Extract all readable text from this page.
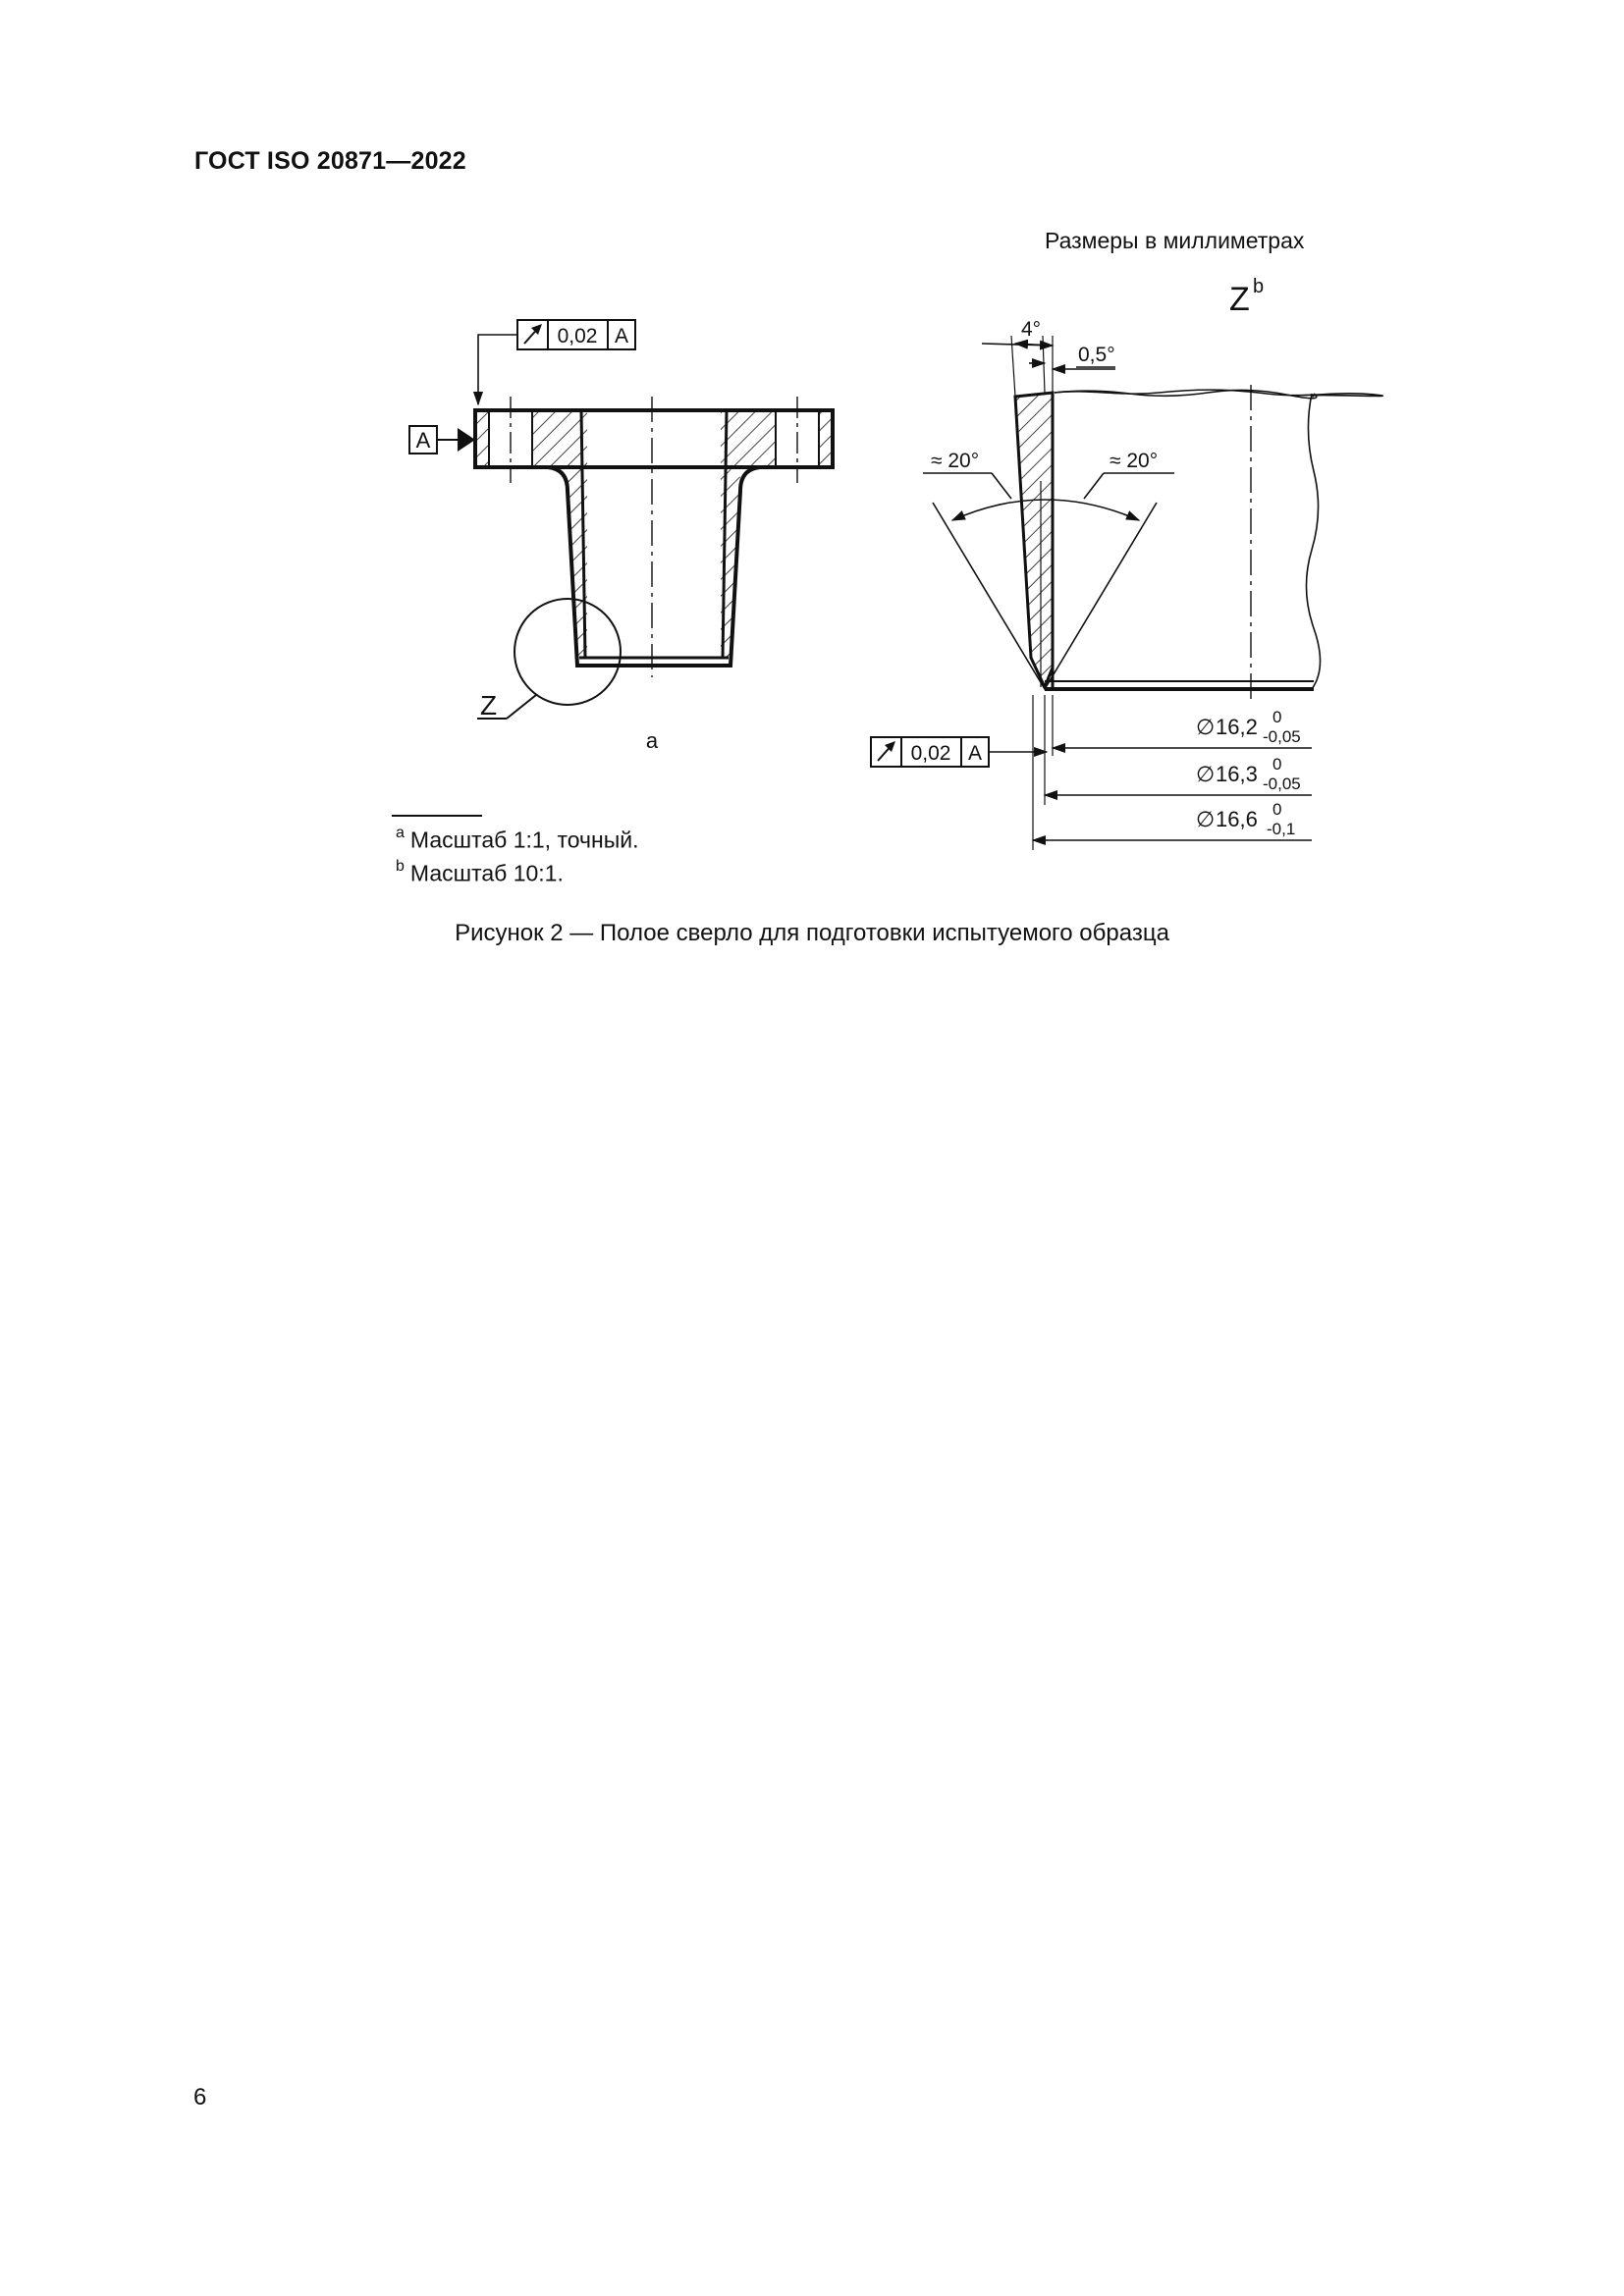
ГОСТ ISO 20871—2022
Размеры в миллиметрах
Z
A
0,02 A
a
Z b
≈ 20°	≈ 20°
4°
0,5°
∅ 16,2 0
-0,05
∅ 16,3 0
-0,05
∅ 16,6 0
-0,1
0,02 A
$^a$ Масштаб 1:1, точный.
$^b$ Масштаб 10:1.
Рисунок 2 — Полое сверло для подготовки испытуемого образца
6
